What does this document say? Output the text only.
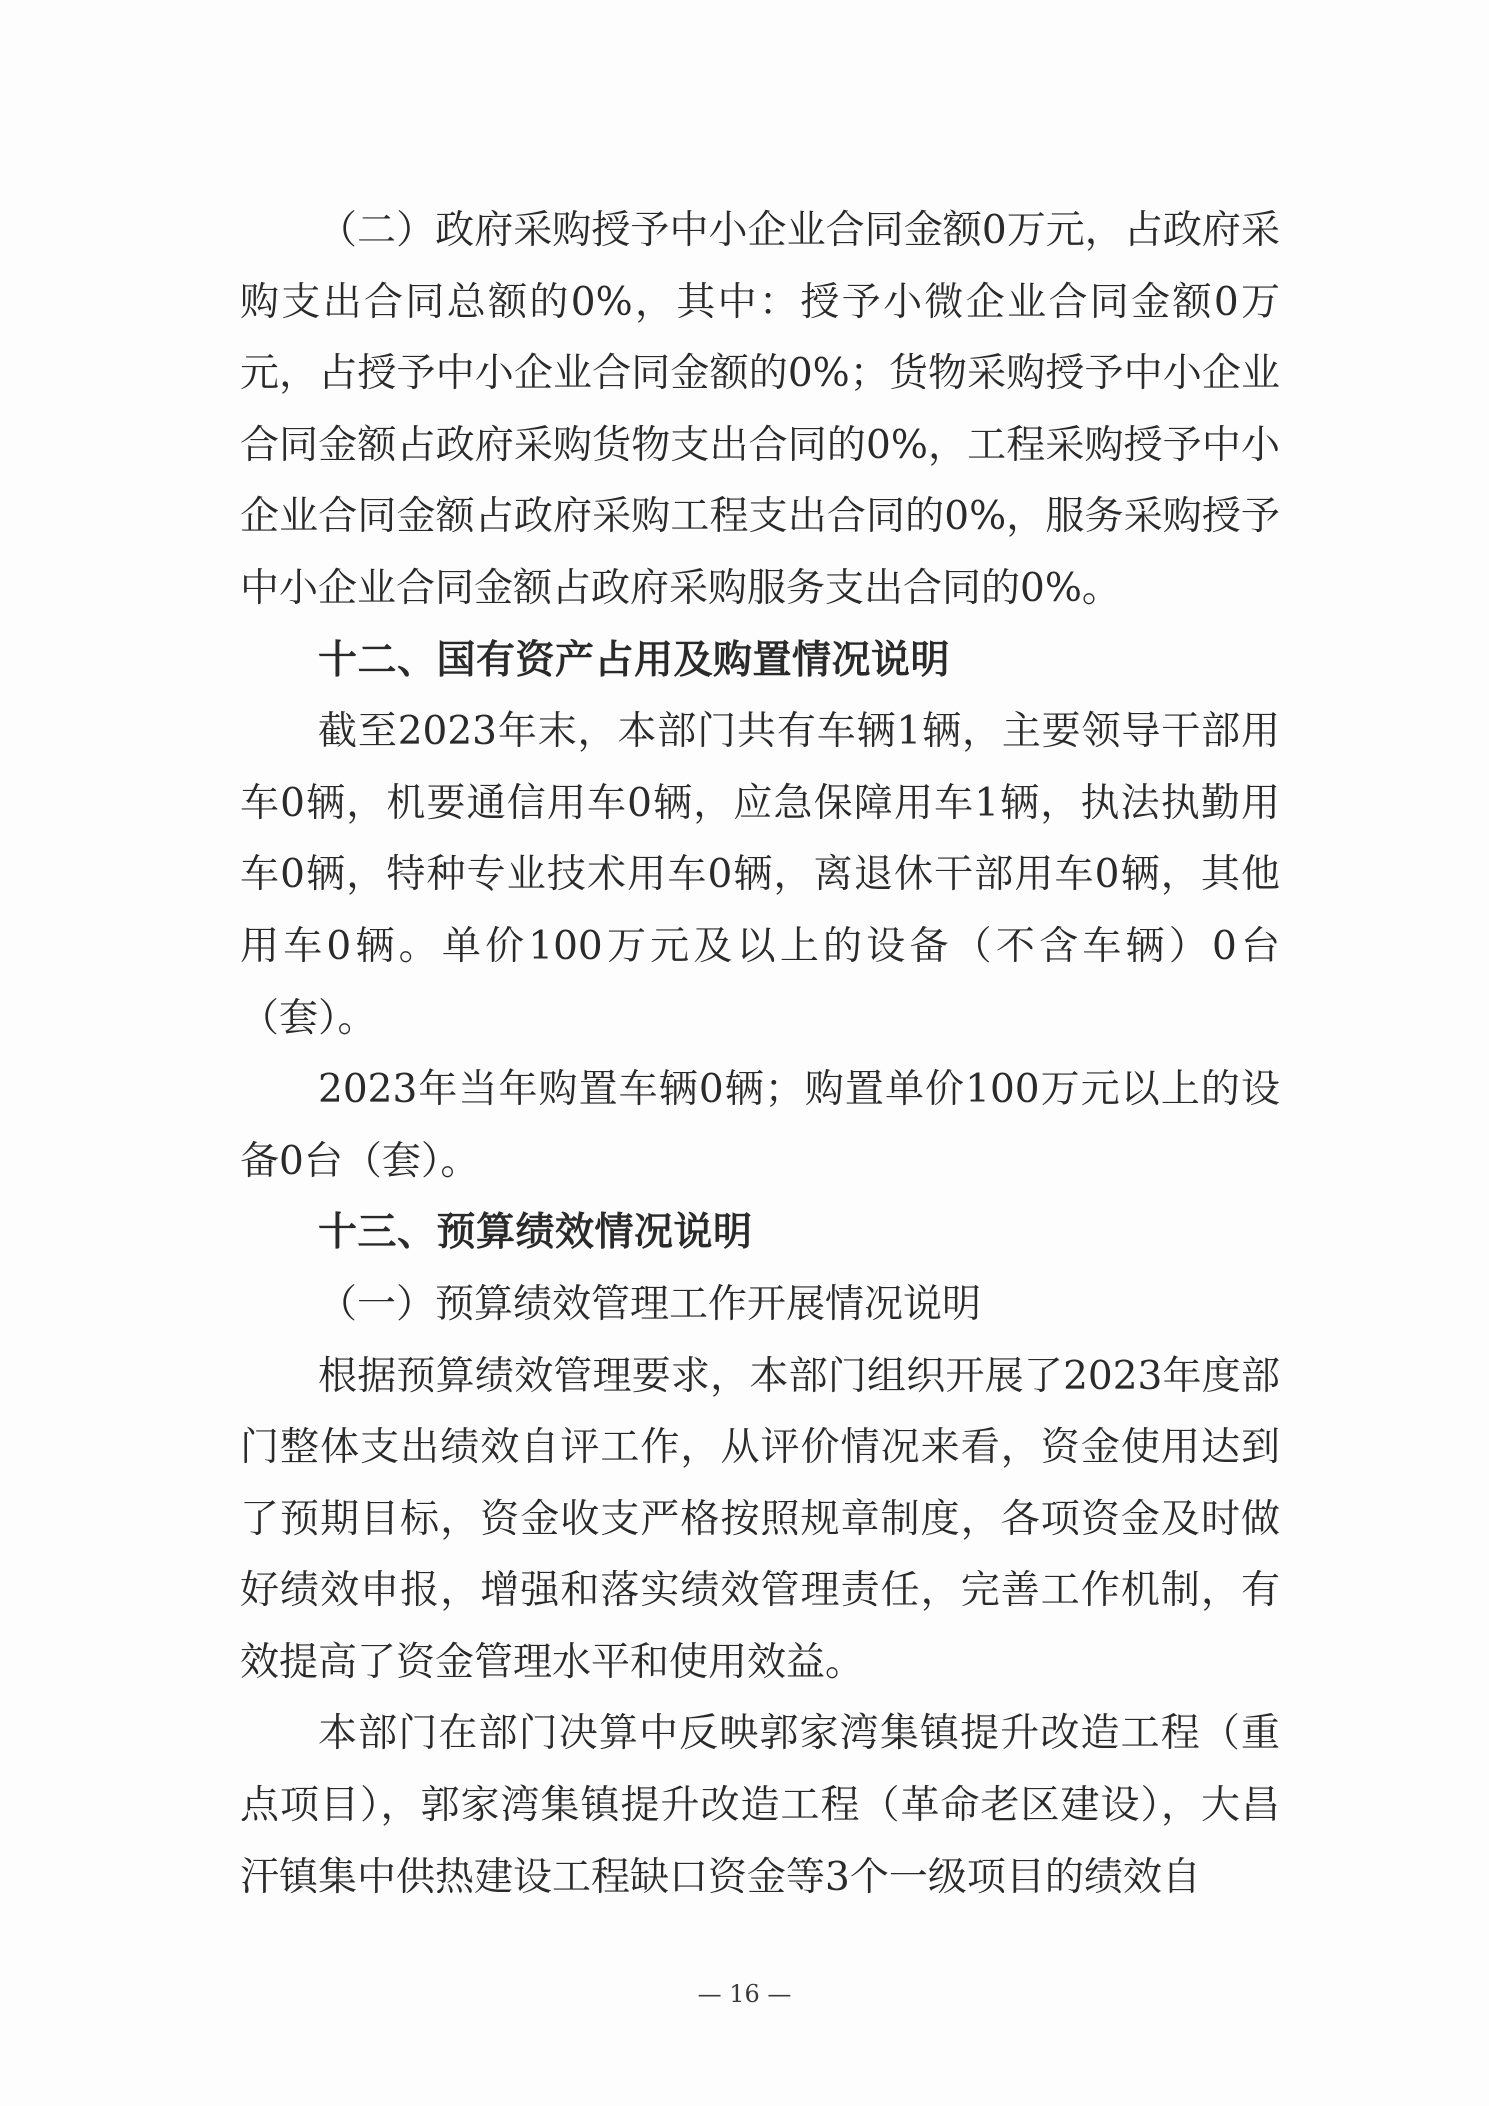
（二）政府采购授予中小企业合同金额0万元，占政府采购支出合同总额的0%，其中：授予小微企业合同金额0万元，占授予中小企业合同金额的0%；货物采购授予中小企业合同金额占政府采购货物支出合同的0%，工程采购授予中小企业合同金额占政府采购工程支出合同的0%，服务采购授予中小企业合同金额占政府采购服务支出合同的0%。

十二、国有资产占用及购置情况说明

截至2023年末，本部门共有车辆1辆，主要领导干部用车0辆，机要通信用车0辆，应急保障用车1辆，执法执勤用车0辆，特种专业技术用车0辆，离退休干部用车0辆，其他用车0辆。单价100万元及以上的设备（不含车辆）0台（套）。

2023年当年购置车辆0辆；购置单价100万元以上的设备0台（套）。

十三、预算绩效情况说明
（一）预算绩效管理工作开展情况说明

根据预算绩效管理要求，本部门组织开展了2023年度部门整体支出绩效自评工作，从评价情况来看，资金使用达到了预期目标，资金收支严格按照规章制度，各项资金及时做好绩效申报，增强和落实绩效管理责任，完善工作机制，有效提高了资金管理水平和使用效益。

本部门在部门决算中反映郭家湾集镇提升改造工程（重点项目），郭家湾集镇提升改造工程（革命老区建设），大昌汗镇集中供热建设工程缺口资金等3个一级项目的绩效自

— 16 —
